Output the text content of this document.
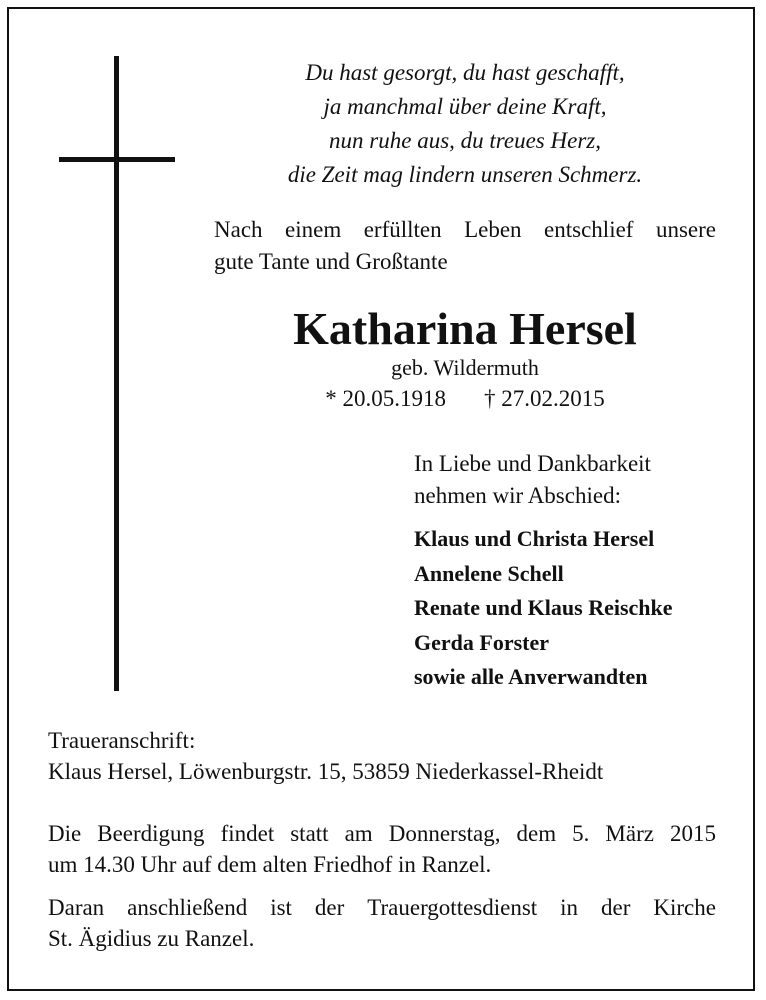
Du hast gesorgt, du hast geschafft,
ja manchmal über deine Kraft,
nun ruhe aus, du treues Herz,
die Zeit mag lindern unseren Schmerz.
Nach einem erfüllten Leben entschlief unsere
gute Tante und Großtante
Katharina Hersel
geb. Wildermuth
* 20.05.1918 † 27.02.2015
In Liebe und Dankbarkeit
nehmen wir Abschied:
Klaus und Christa Hersel
Annelene Schell
Renate und Klaus Reischke
Gerda Forster
sowie alle Anverwandten
Traueranschrift:
Klaus Hersel, Löwenburgstr. 15, 53859 Niederkassel-Rheidt
Die Beerdigung findet statt am Donnerstag, dem 5. März 2015
um 14.30 Uhr auf dem alten Friedhof in Ranzel.
Daran anschließend ist der Trauergottesdienst in der Kirche
St. Ägidius zu Ranzel.
